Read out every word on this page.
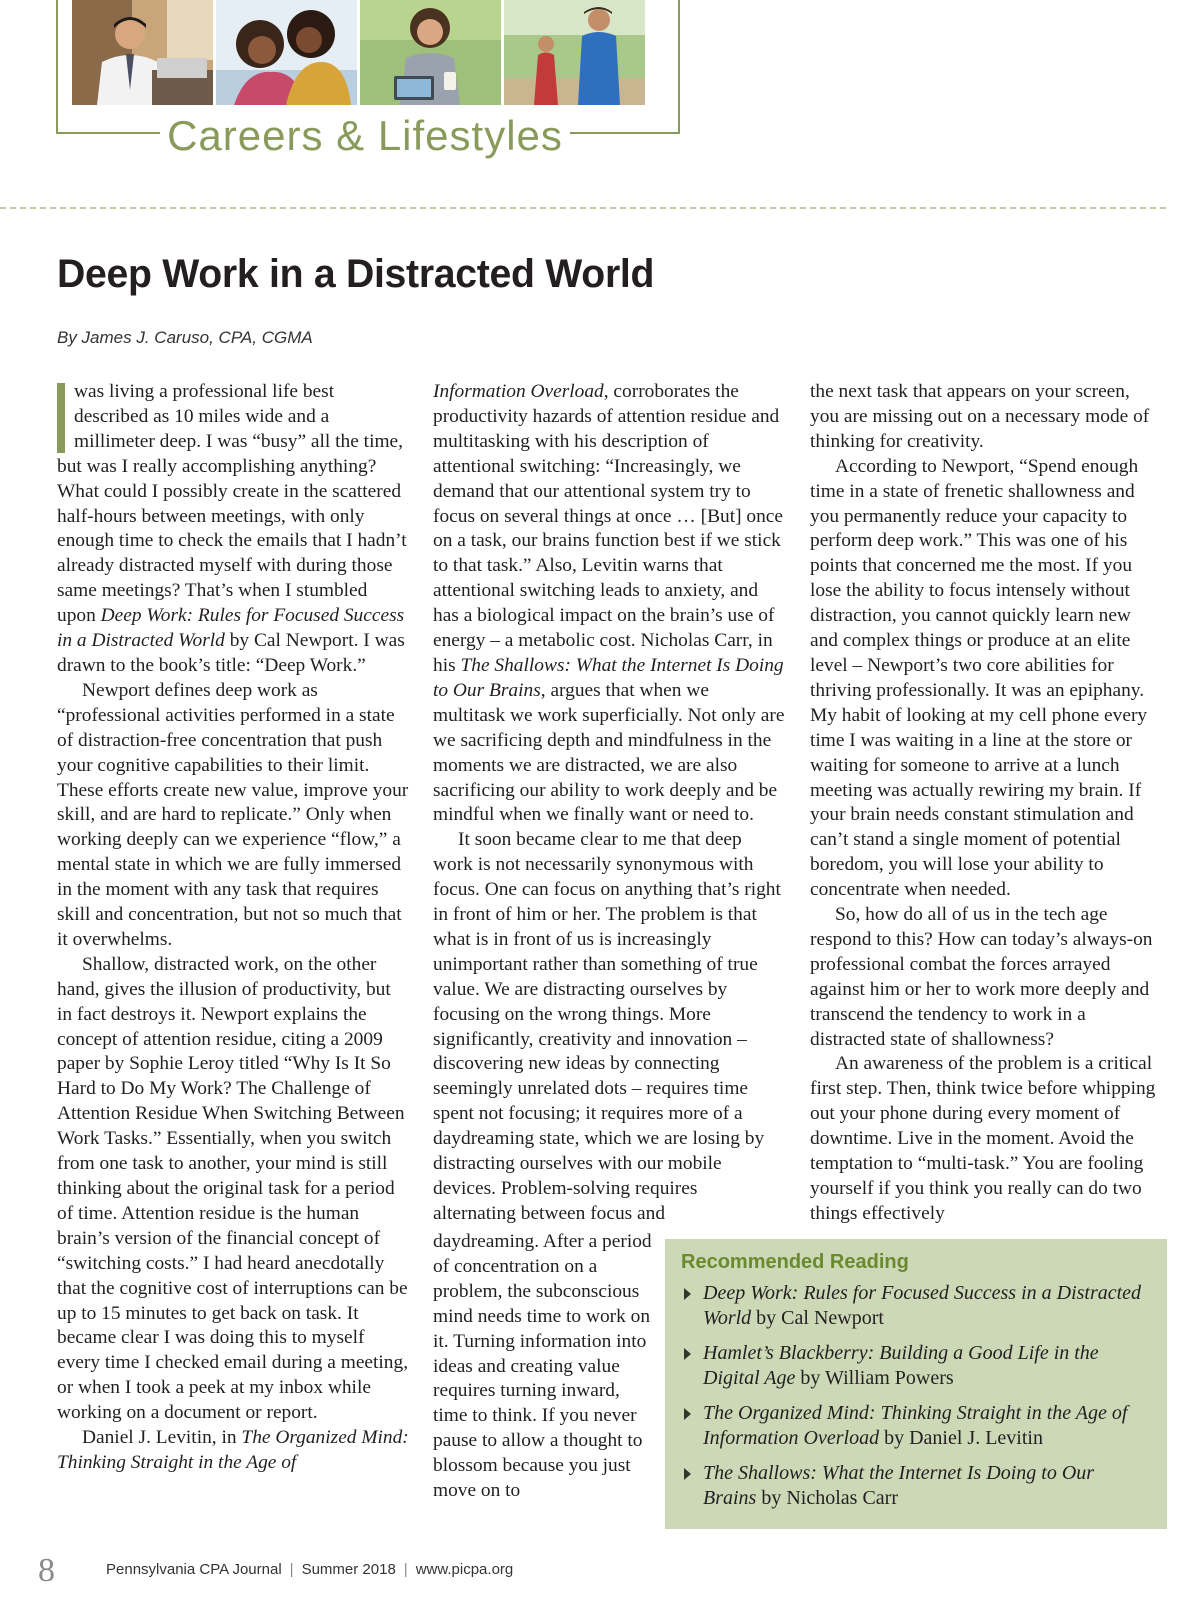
Careers & Lifestyles
Deep Work in a Distracted World

By James J. Caruso, CPA, CGMA

was living a professional life best described as 10 miles wide and a millimeter deep. I was “busy” all the time, but was I really accomplishing anything? What could I possibly create in the scattered half-hours between meetings, with only enough time to check the emails that I hadn’t already distracted myself with during those same meetings? That’s when I stumbled upon Deep Work: Rules for Focused Success in a Distracted World by Cal Newport. I was drawn to the book’s title: “Deep Work.”

Newport defines deep work as “professional activities performed in a state of distraction-free concentration that push your cognitive capabilities to their limit. These efforts create new value, improve your skill, and are hard to replicate.” Only when working deeply can we experience “flow,” a mental state in which we are fully immersed in the moment with any task that requires skill and concentration, but not so much that it overwhelms.

Shallow, distracted work, on the other hand, gives the illusion of productivity, but in fact destroys it. Newport explains the concept of attention residue, citing a 2009 paper by Sophie Leroy titled “Why Is It So Hard to Do My Work? The Challenge of Attention Residue When Switching Between Work Tasks.” Essentially, when you switch from one task to another, your mind is still thinking about the original task for a period of time. Attention residue is the human brain’s version of the financial concept of “switching costs.” I had heard anecdotally that the cognitive cost of interruptions can be up to 15 minutes to get back on task. It became clear I was doing this to myself every time I checked email during a meeting, or when I took a peek at my inbox while working on a document or report.

Daniel J. Levitin, in The Organized Mind: Thinking Straight in the Age of

Information Overload, corroborates the productivity hazards of attention residue and multitasking with his description of attentional switching: “Increasingly, we demand that our attentional system try to focus on several things at once … [But] once on a task, our brains function best if we stick to that task.” Also, Levitin warns that attentional switching leads to anxiety, and has a biological impact on the brain’s use of energy – a metabolic cost. Nicholas Carr, in his The Shallows: What the Internet Is Doing to Our Brains, argues that when we multitask we work superficially. Not only are we sacrificing depth and mindfulness in the moments we are distracted, we are also sacrificing our ability to work deeply and be mindful when we finally want or need to.

It soon became clear to me that deep work is not necessarily synonymous with focus. One can focus on anything that’s right in front of him or her. The problem is that what is in front of us is increasingly unimportant rather than something of true value. We are distracting ourselves by focusing on the wrong things. More significantly, creativity and innovation – discovering new ideas by connecting seemingly unrelated dots – requires time spent not focusing; it requires more of a daydreaming state, which we are losing by distracting ourselves with our mobile devices. Problem-solving requires alternating between focus and

daydreaming. After a period of concentration on a problem, the subconscious mind needs time to work on it. Turning information into ideas and creating value requires turning inward, time to think. If you never pause to allow a thought to blossom because you just move on to

the next task that appears on your screen, you are missing out on a necessary mode of thinking for creativity.

According to Newport, “Spend enough time in a state of frenetic shallowness and you permanently reduce your capacity to perform deep work.” This was one of his points that concerned me the most. If you lose the ability to focus intensely without distraction, you cannot quickly learn new and complex things or produce at an elite level – Newport’s two core abilities for thriving professionally. It was an epiphany. My habit of looking at my cell phone every time I was waiting in a line at the store or waiting for someone to arrive at a lunch meeting was actually rewiring my brain. If your brain needs constant stimulation and can’t stand a single moment of potential boredom, you will lose your ability to concentrate when needed.

So, how do all of us in the tech age respond to this? How can today’s always-on professional combat the forces arrayed against him or her to work more deeply and transcend the tendency to work in a distracted state of shallowness?

An awareness of the problem is a critical first step. Then, think twice before whipping out your phone during every moment of downtime. Live in the moment. Avoid the temptation to “multi-task.” You are fooling yourself if you think you really can do two things effectively

Recommended Reading
Deep Work: Rules for Focused Success in a Distracted World by Cal Newport
Hamlet’s Blackberry: Building a Good Life in the Digital Age by William Powers
The Organized Mind: Thinking Straight in the Age of Information Overload by Daniel J. Levitin
The Shallows: What the Internet Is Doing to Our Brains by Nicholas Carr
8	Pennsylvania CPA Journal | Summer 2018 | www.picpa.org
